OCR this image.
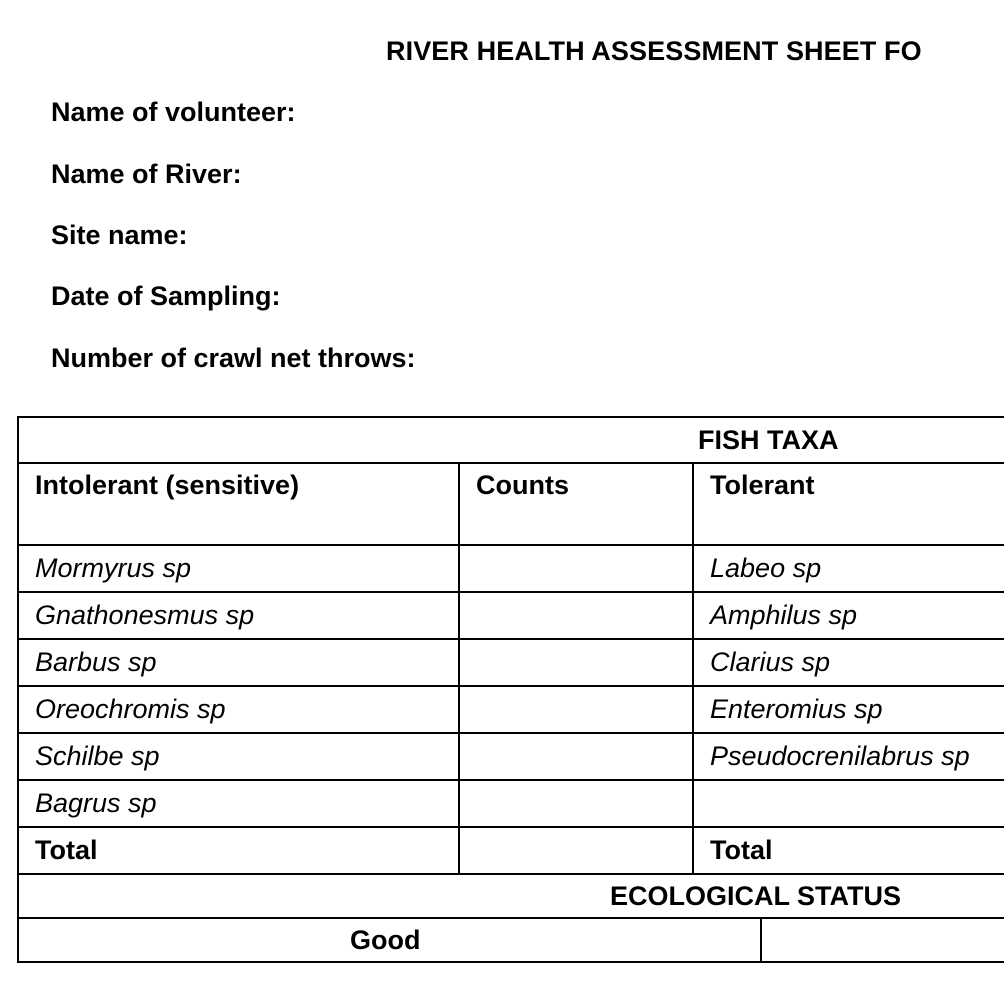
RIVER HEALTH ASSESSMENT SHEET FO
Name of volunteer:
Name of River:
Site name:
Date of Sampling:
Number of crawl net throws:
FISH TAXA			
Intolerant (sensitive)	Counts	Tolerant	
Mormyrus sp		Labeo sp	
Gnathonesmus sp		Amphilus sp	
Barbus sp		Clarius sp	
Oreochromis sp		Enteromius sp	
Schilbe sp		Pseudocrenilabrus sp	
Bagrus sp			
Total		Total	
ECOLOGICAL STATUS			
Good			
